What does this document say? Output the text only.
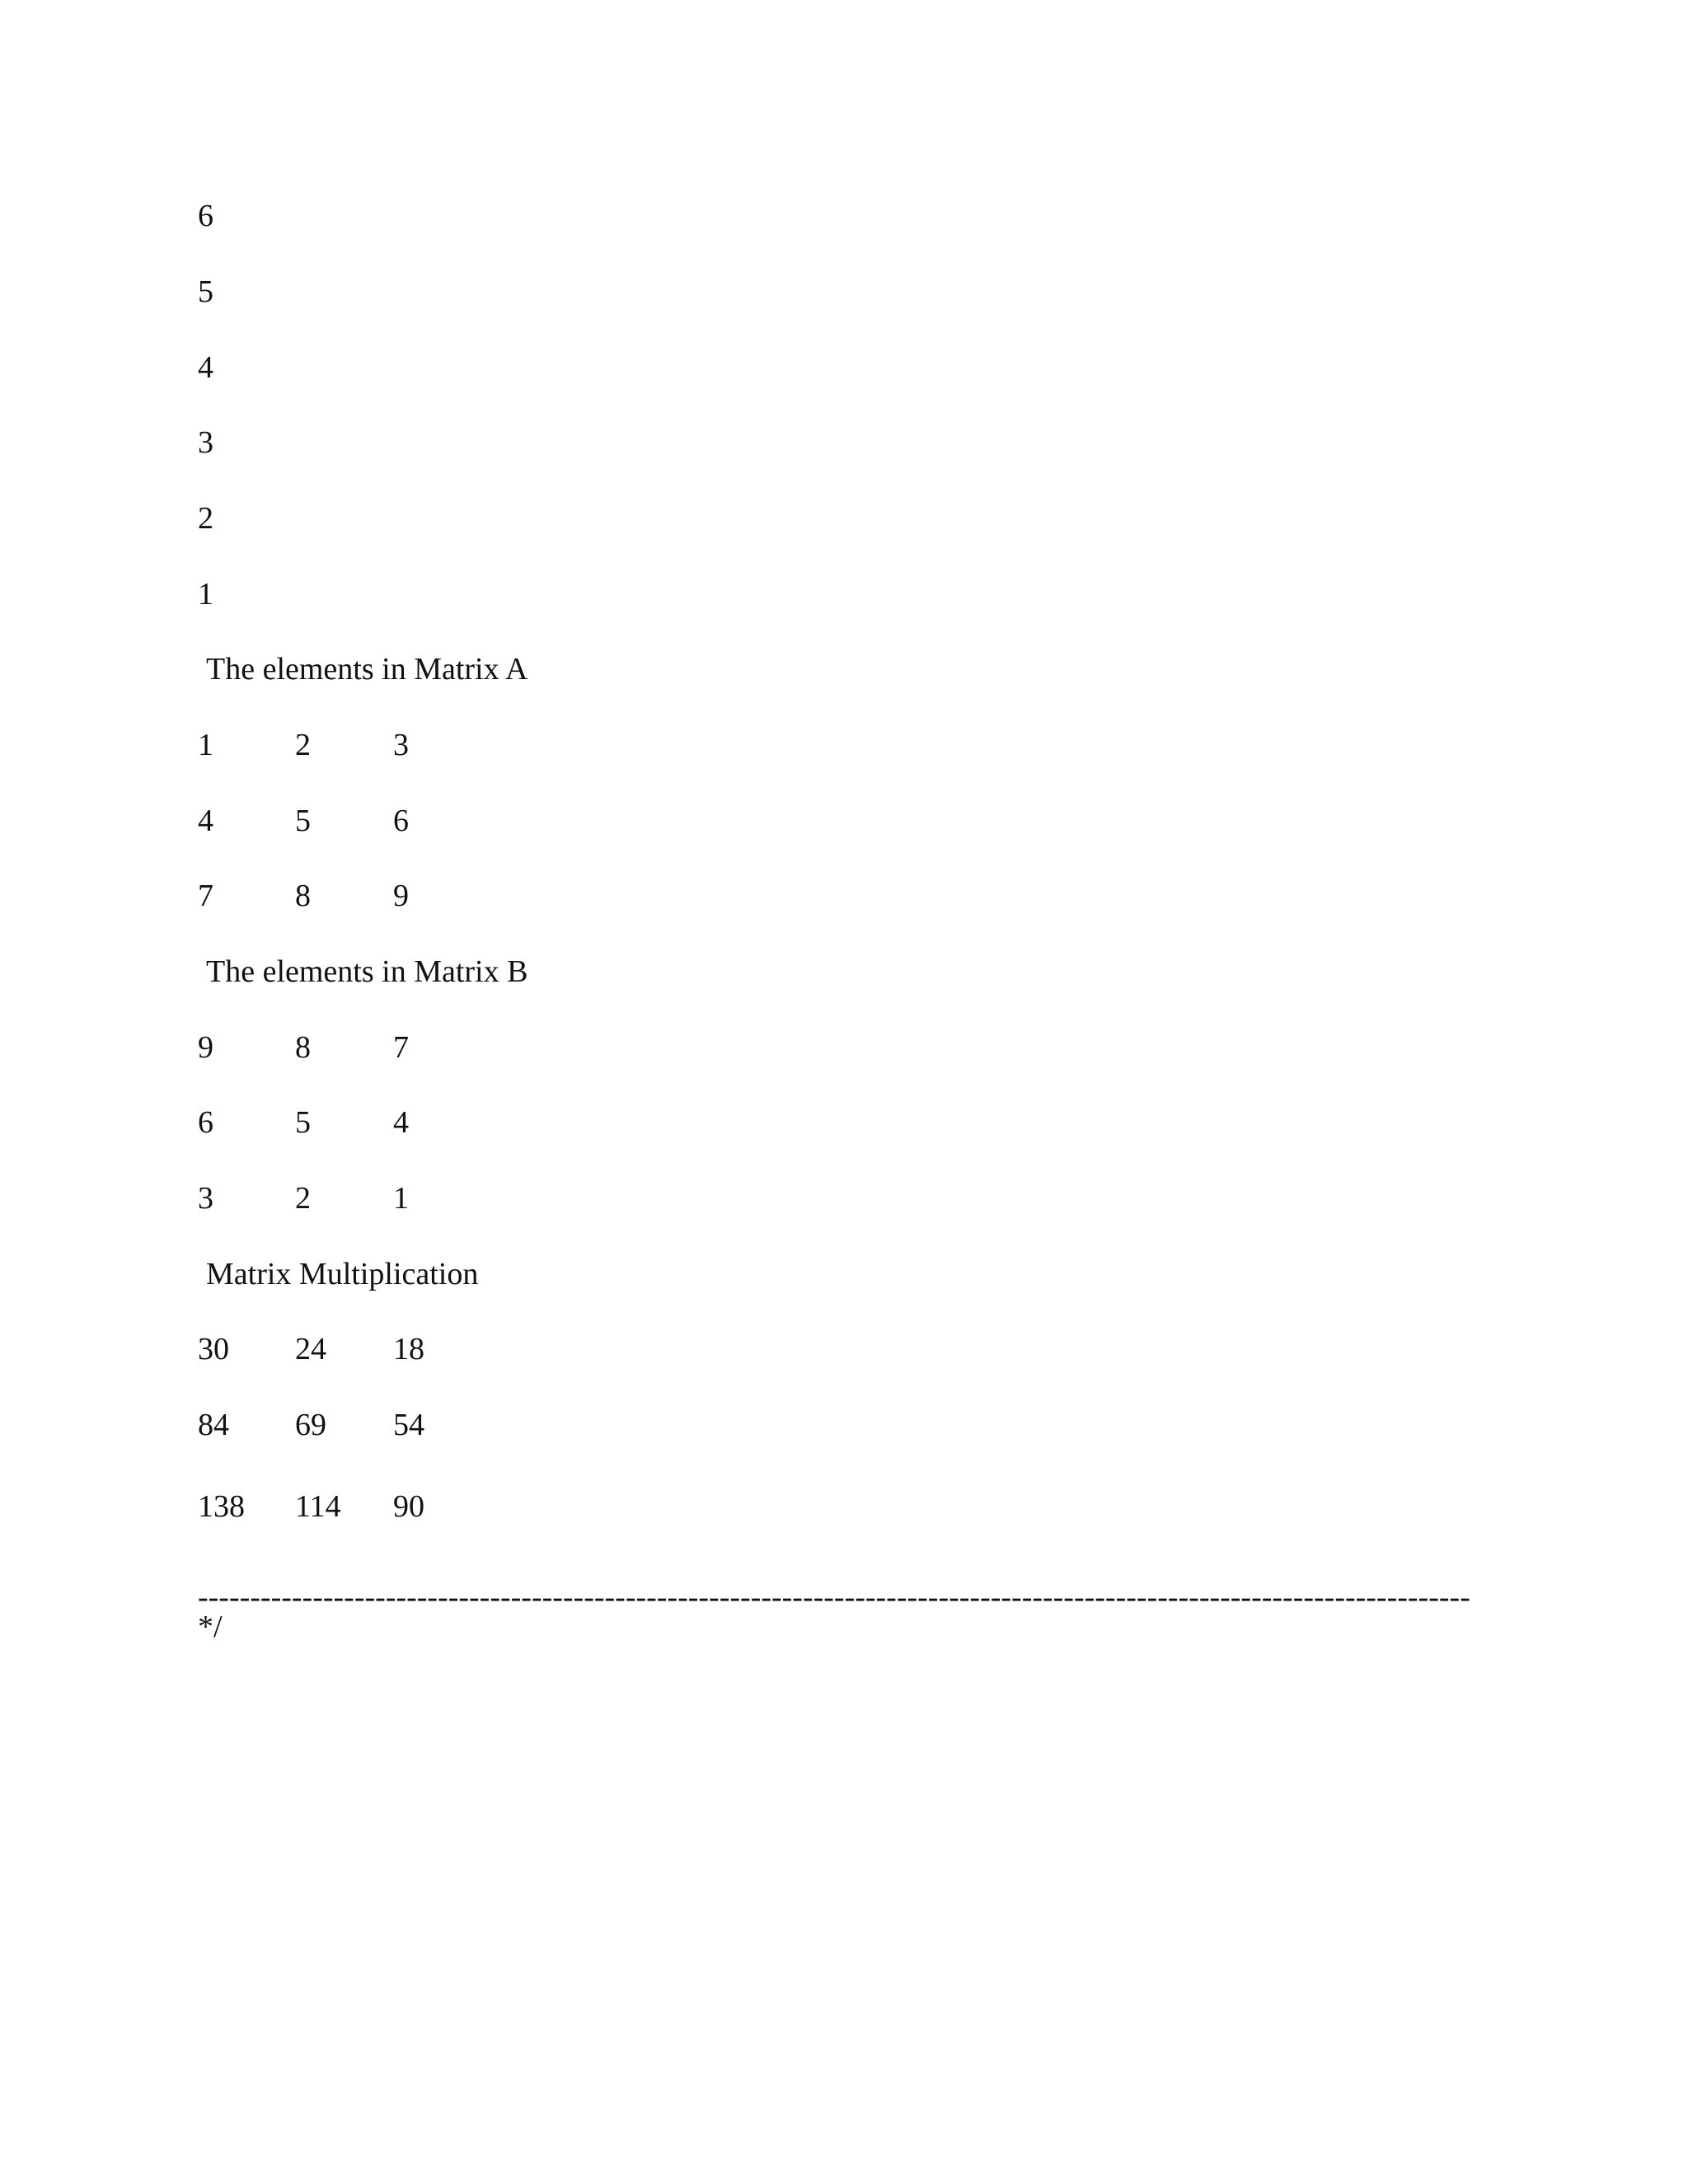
6
5
4
3
2
1
The elements in Matrix A
1	2	3
4	5	6
7	8	9
The elements in Matrix B
9	8	7
6	5	4
3	2	1
Matrix Multiplication
30 24 18
84 69 54
138 114 90
--------------------------------------------------------------------------------------------------------------------------
*/
